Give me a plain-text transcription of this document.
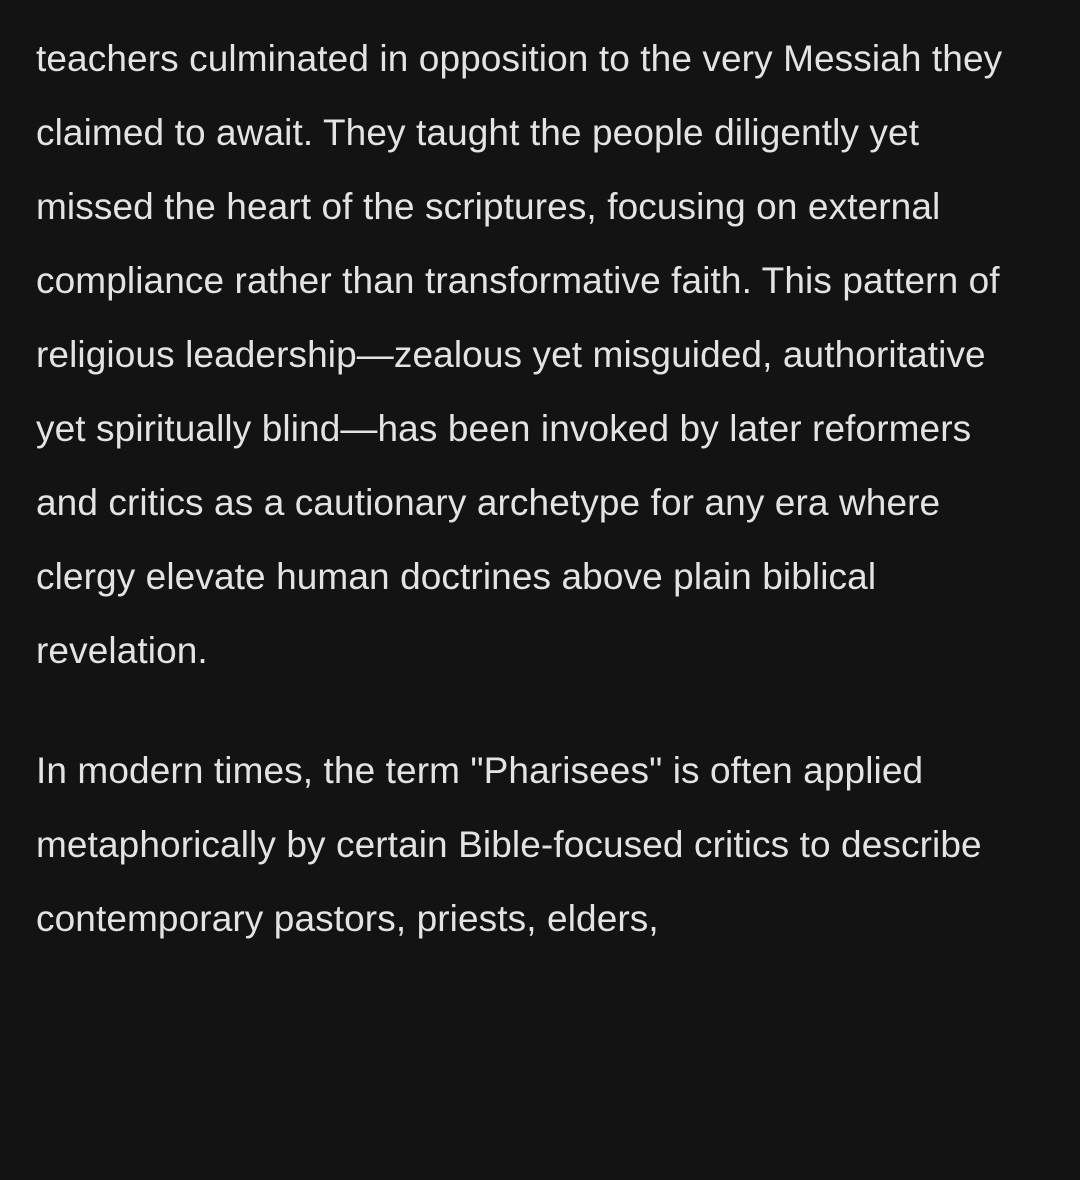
teachers culminated in opposition to the very Messiah they claimed to await. They taught the people diligently yet missed the heart of the scriptures, focusing on external compliance rather than transformative faith. This pattern of religious leadership—zealous yet misguided, authoritative yet spiritually blind—has been invoked by later reformers and critics as a cautionary archetype for any era where clergy elevate human doctrines above plain biblical revelation.

In modern times, the term "Pharisees" is often applied metaphorically by certain Bible-focused critics to describe contemporary pastors, priests, elders,
